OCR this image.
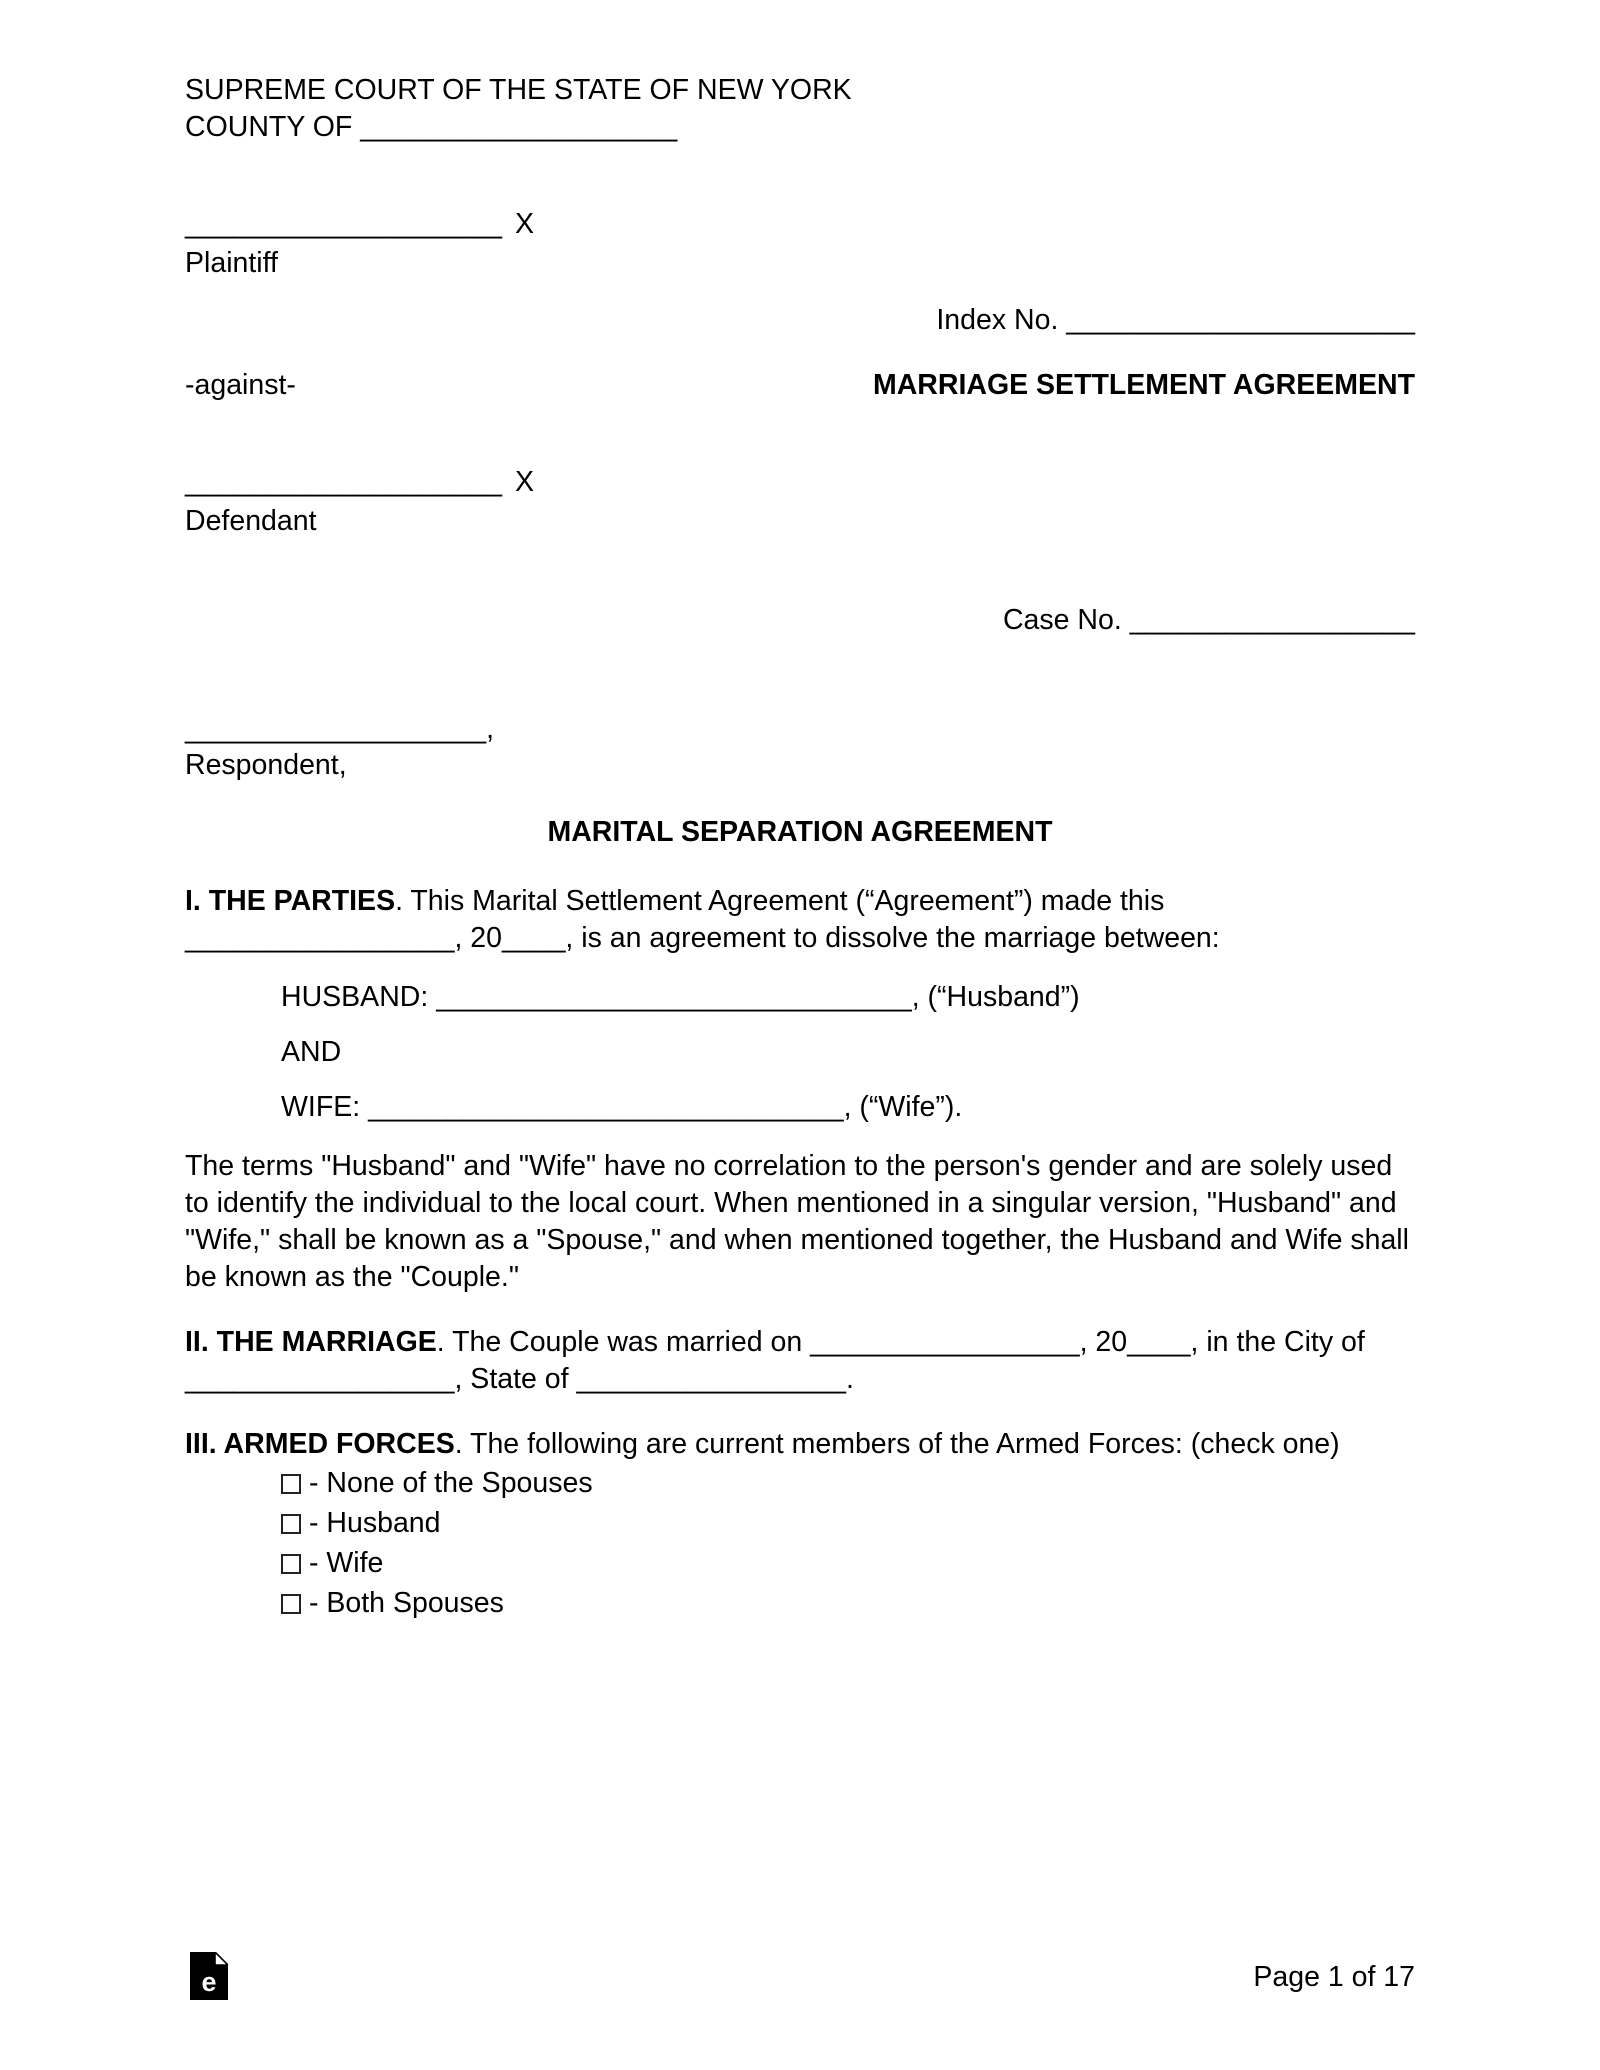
SUPREME COURT OF THE STATE OF NEW YORK
COUNTY OF ____________________
____________________ X
Plaintiff
Index No. ______________________
MARRIAGE SETTLEMENT AGREEMENT
-against-
____________________ X
Defendant
Case No. __________________
___________________,
Respondent,
MARITAL SEPARATION AGREEMENT
I. THE PARTIES. This Marital Settlement Agreement (“Agreement”) made this _________________, 20____, is an agreement to dissolve the marriage between:
HUSBAND: ______________________________, (“Husband”)
AND
WIFE: ______________________________, (“Wife”).
The terms "Husband" and "Wife" have no correlation to the person's gender and are solely used to identify the individual to the local court. When mentioned in a singular version, "Husband" and "Wife," shall be known as a "Spouse," and when mentioned together, the Husband and Wife shall be known as the "Couple."
II. THE MARRIAGE. The Couple was married on _________________, 20____, in the City of _________________, State of _________________.
III. ARMED FORCES. The following are current members of the Armed Forces: (check one)
- None of the Spouses
- Husband
- Wife
- Both Spouses
e	Page 1 of 17
